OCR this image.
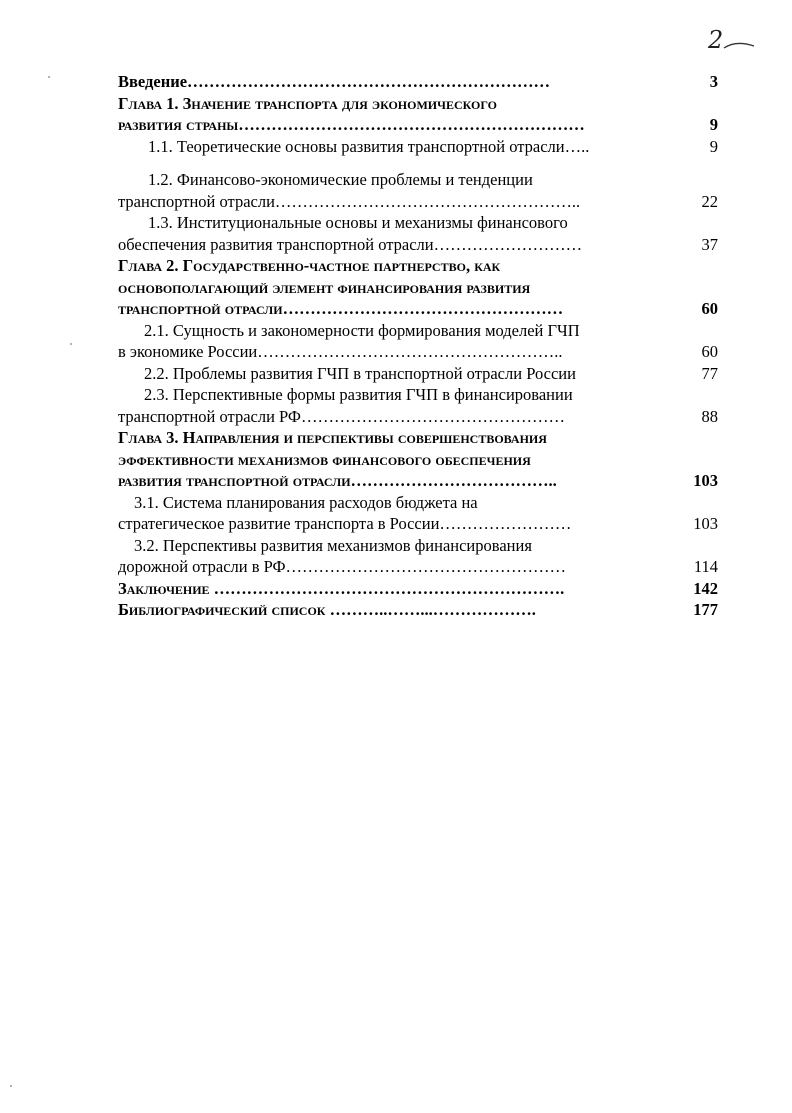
2
Введение…………………………………………………………	3
Глава 1. Значение транспорта для экономического
развития страны………………………………………………………	9
1.1. Теоретические основы развития транспортной отрасли…..	9
1.2. Финансово-экономические проблемы и тенденции
транспортной отрасли………………………………………………..	22
1.3. Институциональные основы и механизмы финансового
обеспечения развития транспортной отрасли………………………	37
Глава 2. Государственно-частное партнерство, как
основополагающий элемент финансирования развития
транспортной отрасли……………………………………………	60
2.1. Сущность и закономерности формирования моделей ГЧП
в экономике России………………………………………………..	60
2.2. Проблемы развития ГЧП в транспортной отрасли России	77
2.3. Перспективные формы развития ГЧП в финансировании
транспортной отрасли РФ…………………………………………	88
Глава 3. Направления и перспективы совершенствования
эффективности механизмов финансового обеспечения
развития транспортной отрасли………………………………..	103
3.1. Система планирования расходов бюджета на
стратегическое развитие транспорта в России……………………	103
3.2. Перспективы развития механизмов финансирования
дорожной отрасли в РФ……………………………………………	114
Заключение ……………………………………………………….	142
Библиографический список ………..……...……………….	177
